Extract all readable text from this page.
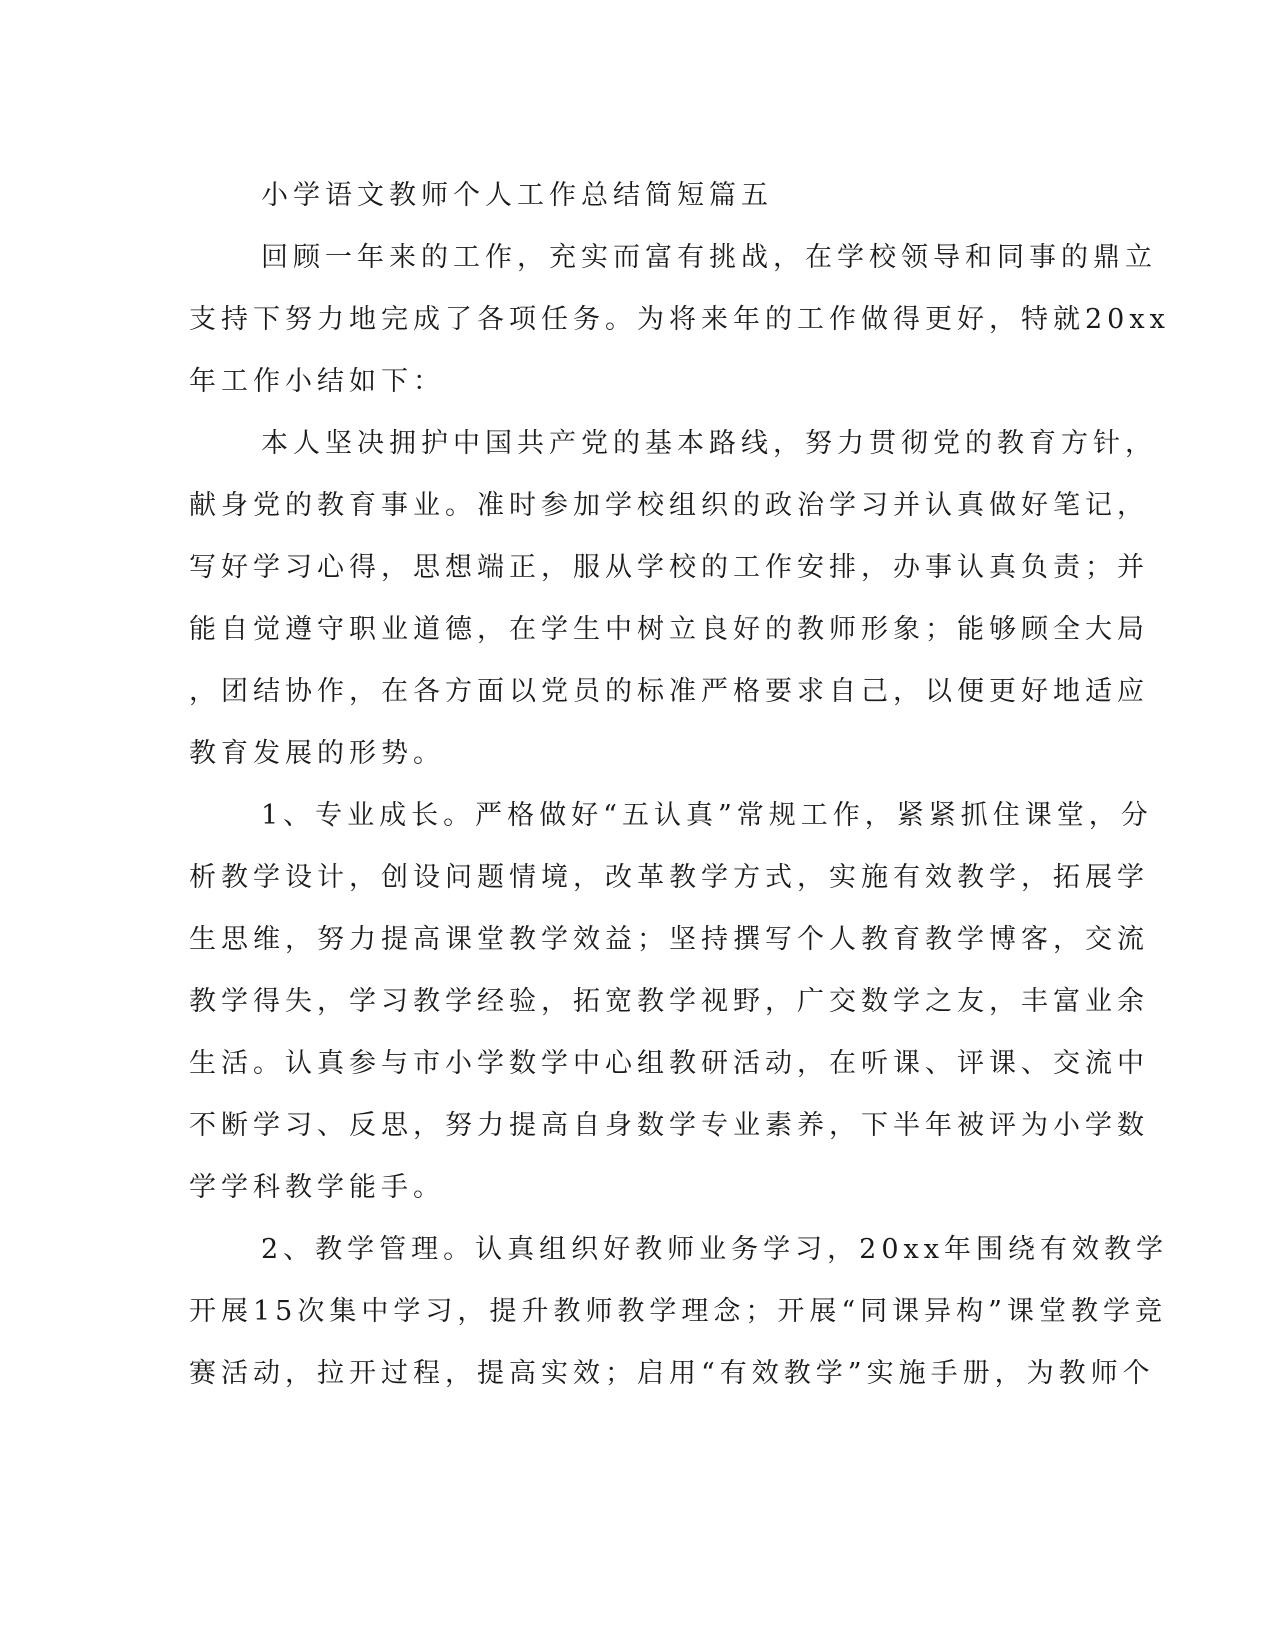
小学语文教师个人工作总结简短篇五
回顾一年来的工作，充实而富有挑战，在学校领导和同事的鼎立
支持下努力地完成了各项任务。为将来年的工作做得更好，特就20xx
年工作小结如下：
本人坚决拥护中国共产党的基本路线，努力贯彻党的教育方针，
献身党的教育事业。准时参加学校组织的政治学习并认真做好笔记，
写好学习心得，思想端正，服从学校的工作安排，办事认真负责；并
能自觉遵守职业道德，在学生中树立良好的教师形象；能够顾全大局
，团结协作，在各方面以党员的标准严格要求自己，以便更好地适应
教育发展的形势。
1、专业成长。严格做好“五认真”常规工作，紧紧抓住课堂，分
析教学设计，创设问题情境，改革教学方式，实施有效教学，拓展学
生思维，努力提高课堂教学效益；坚持撰写个人教育教学博客，交流
教学得失，学习教学经验，拓宽教学视野，广交数学之友，丰富业余
生活。认真参与市小学数学中心组教研活动，在听课、评课、交流中
不断学习、反思，努力提高自身数学专业素养，下半年被评为小学数
学学科教学能手。
2、教学管理。认真组织好教师业务学习，20xx年围绕有效教学
开展15次集中学习，提升教师教学理念；开展“同课异构”课堂教学竞
赛活动，拉开过程，提高实效；启用“有效教学”实施手册，为教师个
